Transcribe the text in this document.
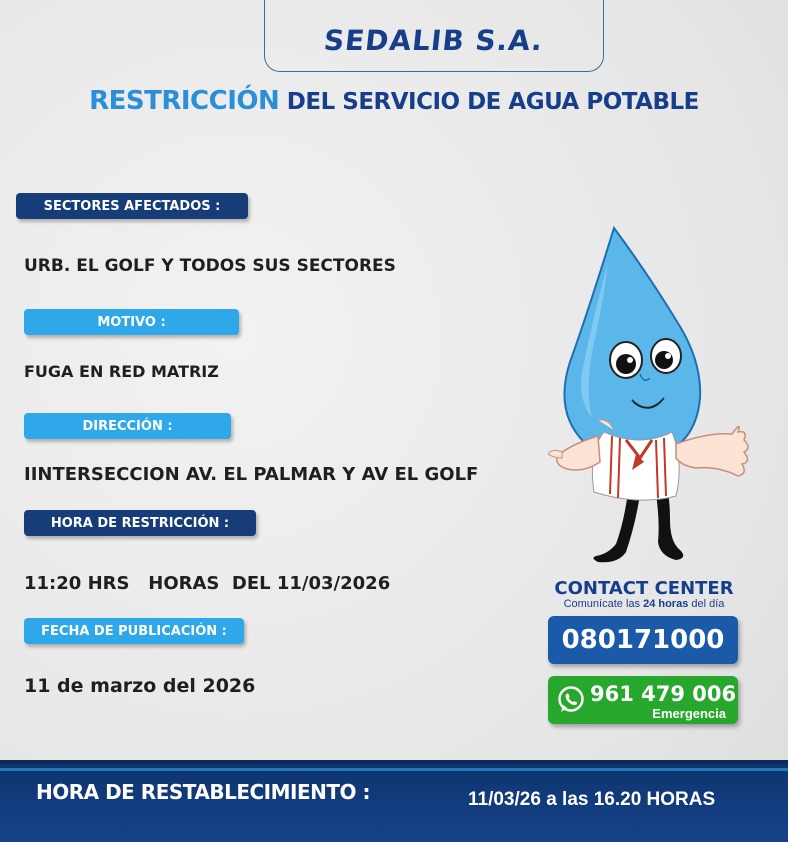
SEDALIB S.A.
RESTRICCIÓN DEL SERVICIO DE AGUA POTABLE
SECTORES AFECTADOS :
URB. EL GOLF Y TODOS SUS SECTORES
MOTIVO :
FUGA EN RED MATRIZ
DIRECCIÓN :
IINTERSECCION AV. EL PALMAR Y AV EL GOLF
HORA DE RESTRICCIÓN :
11:20 HRS   HORAS  DEL 11/03/2026
FECHA DE PUBLICACIÓN :
11 de marzo del 2026
CONTACT CENTER
Comunícate las 24 horas del día
080171000
961 479 006
Emergencia
HORA DE RESTABLECIMIENTO :	11/03/26 a las 16.20 HORAS
